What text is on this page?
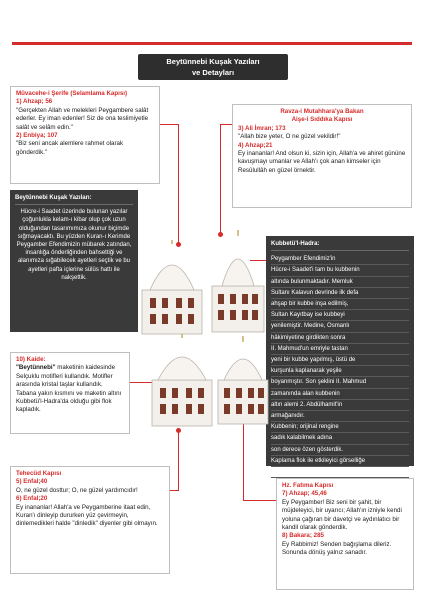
Beytünnebi Kuşak Yazıları
ve Detayları
Müvacehe-i Şerife (Selamlama Kapısı)
1) Ahzap; 56
"Gerçekten Allah ve melekleri Peygambere salât ederler. Ey iman edenler! Siz de ona teslimiyetle salât ve selâm edin."
2) Enbiya; 107
"Biz seni ancak alemlere rahmet olarak gönderdik."
Ravza-i Mutahhara'ya Bakan
Aişe-i Sıddıka Kapısı
3) Ali İmran; 173
"Allah bize yeter, O ne güzel vekildir!"
4) Ahzap;21
Ey inananlar! And olsun ki, sizin için, Allah'a ve ahiret gününe kavuşmayı umanlar ve Allah'ı çok anan kimseler için Resûlullâh en güzel örnektir.
Beytünnebi Kuşak Yazıları:
Hücre-i Saadet üzerinde bulunan yazılar çoğunlukla kelam-ı kibar olup çok uzun olduğundan tasarımımıza okunur biçimde sığmayacaktı. Bu yüzden Kuran-ı Kerimde Peygamber Efendimizin mübarek zatından, insanlığa önderliğinden bahsettiği ve alanımıza sığabilecek ayetleri seçtik ve bu ayetleri pafta içlerine sülüs hattı ile nakşettik.
Kubbetü'l-Hadra:
Peygamber Efendimiz'in
Hücre-i Saadet'i tam bu kubbenin
altında bulunmaktadır. Memluk
Sultanı Kalavun devrinde ilk defa
ahşap bir kubbe inşa edilmiş,
Sultan Kayıtbay ise kubbeyi
yenilemiştir. Medine, Osmanlı
hâkimiyetine girdikten sonra
II. Mahmud'un emriyle tastan
yeni bir kubbe yapılmış, üstü de
kurşunla kaplanarak yeşile
boyanmıştır. Son şeklini II. Mahmud
zamanında alan kubbenin
altın alemi 2. Abdülhamit'in
armağanıdır.
Kubbenin; orijinal rengine
sadık kalabilmek adına
son derece özen gösterdik.
Kaplama flok ile etkileyici görselliğe
ve dokuya kavuşturduk.
10) Kaide:
"Beytünnebi" maketinin kaidesinde Selçuklu motifleri kullandık. Motifler arasında kristal taşlar kullandık. Tabana yakın kısmını ve maketin altını Kubbetü'l-Hadra'da olduğu gibi flok kapladık.
Tehecüd Kapısı
5) Enfal;40
O, ne güzel dosttur; O, ne güzel yardımcıdır!
6) Enfal;20
Ey inananlar! Allah'a ve Peygamberine itaat edin, Kuran'ı dinleyip dururken yüz çevirmeyin, dinlemedikleri halde "dinledik" diyenler gibi olmayın.
Hz. Fatıma Kapısı
7) Ahzap; 45,46
Ey Peygamber! Biz seni bir şahit, bir müjdeleyici, bir uyarıcı; Allah'ın izniyle kendi yoluna çağıran bir davetçi ve aydınlatıcı bir kandil olarak gönderdik.
8) Bakara; 285
Ey Rabbimiz! Senden bağışlama dileriz. Sonunda dönüş yalnız sanadır.
